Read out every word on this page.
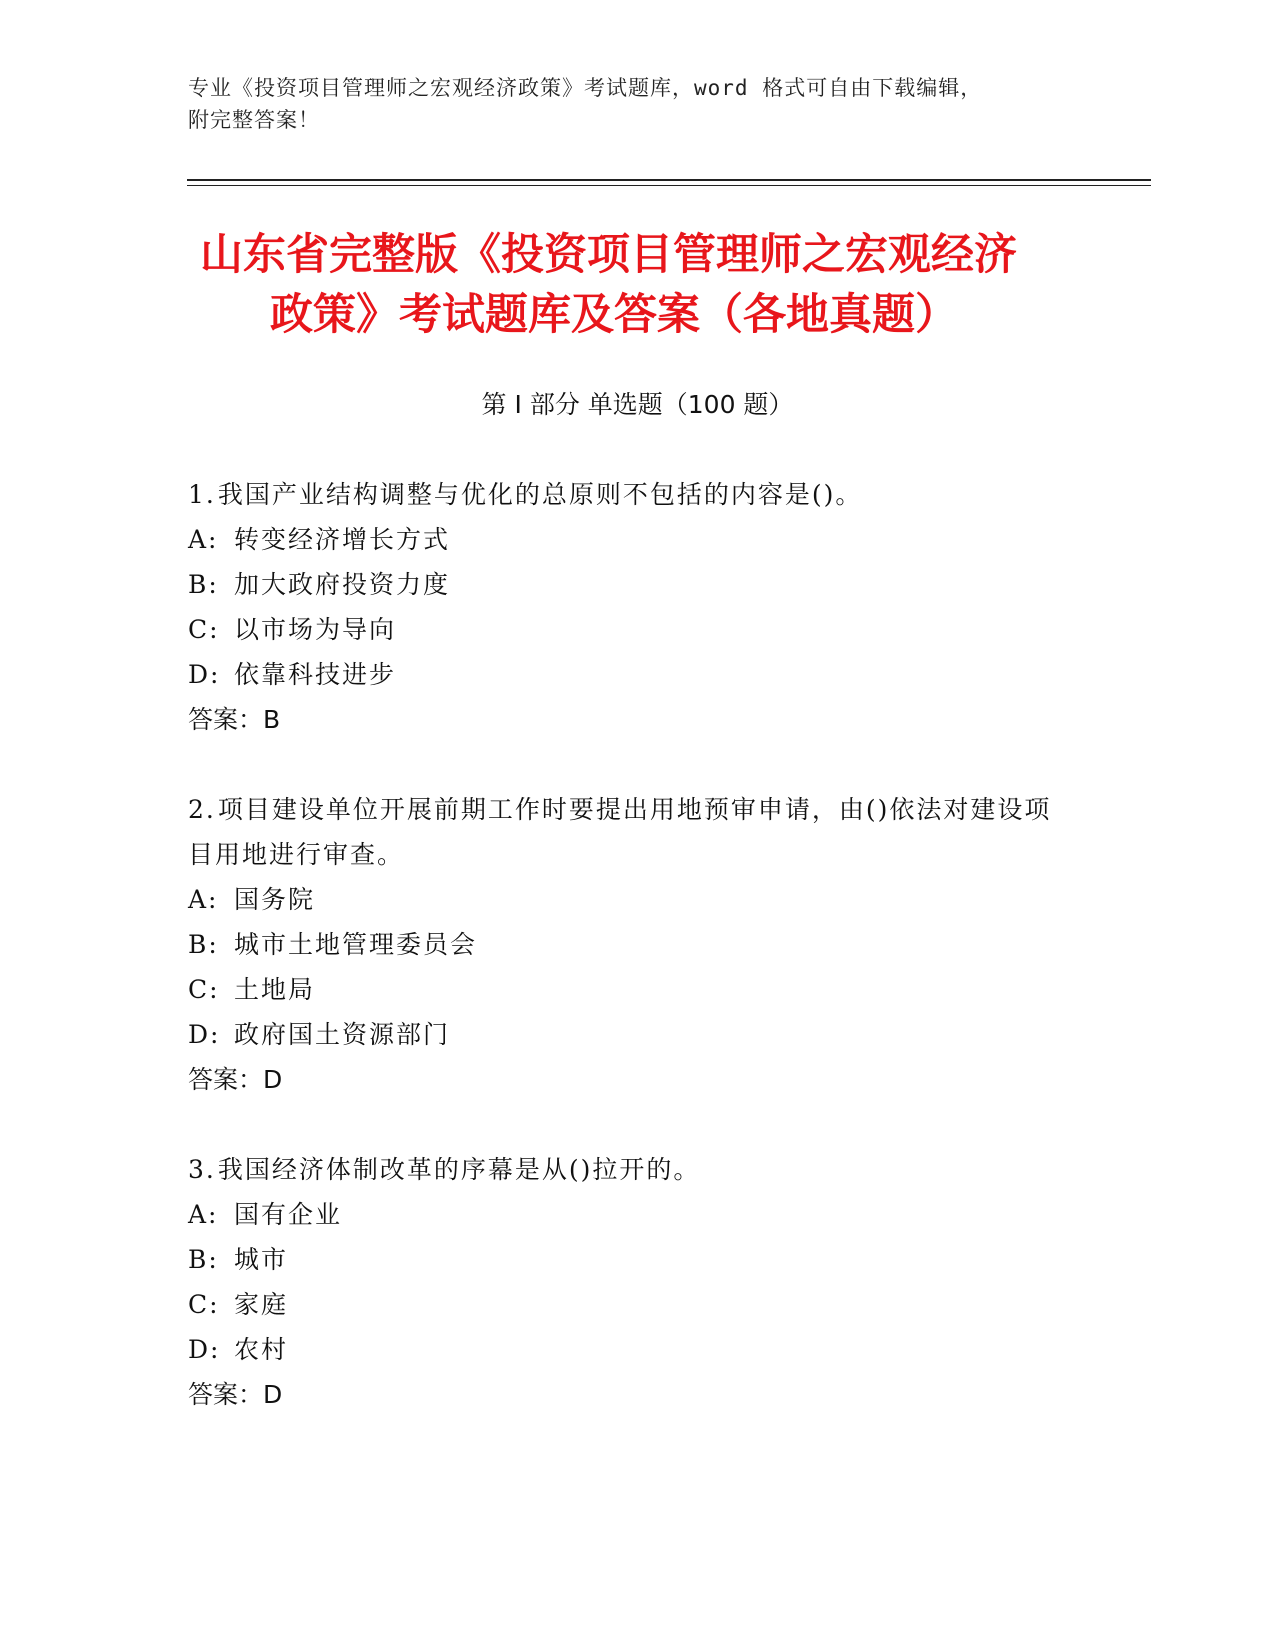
专业《投资项目管理师之宏观经济政策》考试题库，word 格式可自由下载编辑，
附完整答案！
山东省完整版《投资项目管理师之宏观经济
政策》考试题库及答案（各地真题）
第 I 部分 单选题（100 题）
1.我国产业结构调整与优化的总原则不包括的内容是()。
A: 转变经济增长方式
B: 加大政府投资力度
C: 以市场为导向
D: 依靠科技进步
答案：B
2.项目建设单位开展前期工作时要提出用地预审申请，由()依法对建设项目用地进行审查。
A: 国务院
B: 城市土地管理委员会
C: 土地局
D: 政府国土资源部门
答案：D
3.我国经济体制改革的序幕是从()拉开的。
A: 国有企业
B: 城市
C: 家庭
D: 农村
答案：D
